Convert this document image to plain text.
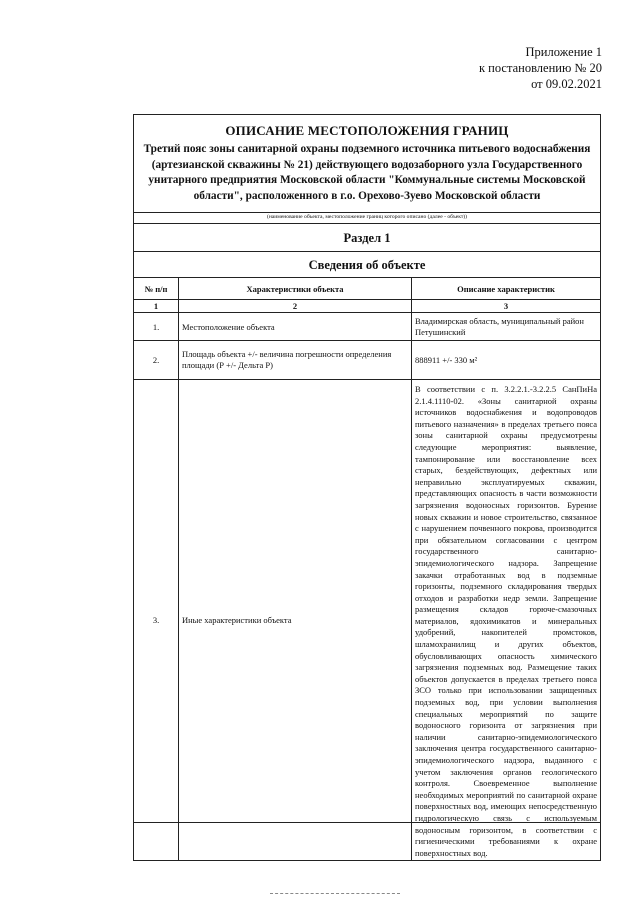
Приложение 1
к постановлению № 20
от 09.02.2021
ОПИСАНИЕ МЕСТОПОЛОЖЕНИЯ ГРАНИЦ
Третий пояс зоны санитарной охраны подземного источника питьевого водоснабжения (артезианской скважины № 21) действующего водозаборного узла Государственного унитарного предприятия Московской области "Коммунальные системы Московской области", расположенного в г.о. Орехово-Зуево Московской области
(наименование объекта, местоположение границ которого описано (далее - объект))
Раздел 1
Сведения об объекте
№ п/п	Характеристики объекта	Описание характеристик
1	2	3
1.	Местоположение объекта	Владимирская область, муниципальный район Петушинский
2.	Площадь объекта +/- величина погрешности определения площади (Р +/- Дельта Р)	888911 +/- 330 м²
3.	Иные характеристики объекта	В соответствии с п. 3.2.2.1.-3.2.2.5 СанПиНа 2.1.4.1110-02. «Зоны санитарной охраны источников водоснабжения и водопроводов питьевого назначения» в пределах третьего пояса зоны санитарной охраны предусмотрены следующие мероприятия: выявление, тампонирование или восстановление всех старых, бездействующих, дефектных или неправильно эксплуатируемых скважин, представляющих опасность в части возможности загрязнения водоносных горизонтов. Бурение новых скважин и новое строительство, связанное с нарушением почвенного покрова, производится при обязательном согласовании с центром государственного санитарно-эпидемиологического надзора. Запрещение закачки отработанных вод в подземные горизонты, подземного складирования твердых отходов и разработки недр земли. Запрещение размещения складов горюче-смазочных материалов, ядохимикатов и минеральных удобрений, накопителей промстоков, шламохранилищ и других объектов, обусловливающих опасность химического загрязнения подземных вод. Размещение таких объектов допускается в пределах третьего пояса ЗСО только при использовании защищенных подземных вод, при условии выполнения специальных мероприятий по защите водоносного горизонта от загрязнения при наличии санитарно-эпидемиологического заключения центра государственного санитарно-эпидемиологического надзора, выданного с учетом заключения органов геологического контроля. Своевременное выполнение необходимых мероприятий по санитарной охране поверхностных вод, имеющих непосредственную гидрологическую связь с используемым водоносным горизонтом, в соответствии с гигиеническими требованиями к охране поверхностных вод.
